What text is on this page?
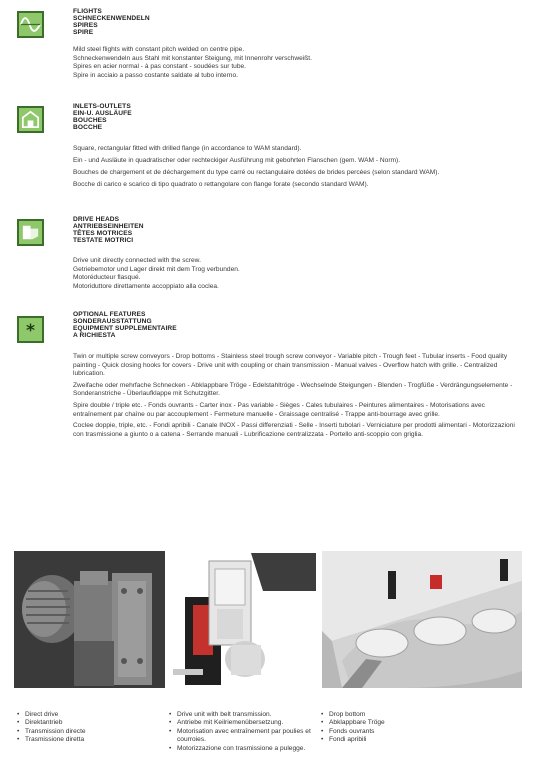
FLIGHTS
SCHNECKENWENDELN
SPIRES
SPIRE
Mild steel flights with constant pitch welded on centre pipe.
Schneckenwendeln aus Stahl mit konstanter Steigung, mit Innenrohr verschweißt.
Spires en acier normal - à pas constant - soudées sur tube.
Spire in acciaio a passo costante saldate al tubo interno.
INLETS-OUTLETS
EIN-U. AUSLÄUFE
BOUCHES
BOCCHE
Square, rectangular fitted with drilled flange (in accordance to WAM standard).
Ein - und Ausläute in quadratischer oder rechteckiger Ausführung mit gebohrten Flanschen (gem. WAM - Norm).
Bouches de chargement et de déchargement du type carré ou rectangulaire dotées de brides percées (selon standard WAM).
Bocche di carico e scarico di tipo quadrato o rettangolare con flange forate (secondo standard WAM).
DRIVE HEADS
ANTRIEBSEINHEITEN
TÊTES MOTRICES
TESTATE MOTRICI
Drive unit directly connected with the screw.
Getriebemotor und Lager direkt mit dem Trog verbunden.
Motoréducteur flasqué.
Motoriduttore direttamente accoppiato alla coclea.
*
OPTIONAL FEATURES
SONDERAUSSTATTUNG
EQUIPMENT SUPPLEMENTAIRE
A RICHIESTA

Twin or multiple screw conveyors - Drop bottoms - Stainless steel trough screw conveyor - Variable pitch - Trough feet - Tubular inserts - Food quality painting - Quick closing hooks for covers - Drive unit with coupling or chain transmission - Manual valves - Overflow hatch with grille. - Centralized lubrication.

Zweifache oder mehrfache Schnecken - Abklappbare Tröge - Edelstahltröge - Wechselnde Steigungen - Blenden - Trogfüße - Verdrängungselemente - Sonderanstriche - Überlaufklappe mit Schutzgitter.

Spire double / triple etc. - Fonds ouvrants - Carter inox - Pas variable - Sièges - Cales tubulaires - Peintures alimentaires - Motorisations avec entraînement par chaîne ou par accouplement - Fermeture manuelle - Graissage centralisé - Trappe anti-bourrage avec grille.

Coclee doppie, triple, etc. - Fondi apribili - Canale INOX - Passi differenziati - Selle - Inserti tubolari - Verniciature per prodotti alimentari - Motorizzazioni con trasmissione a giunto o a catena - Serrande manuali - Lubrificazione centralizzata - Portello anti-scoppio con griglia.

• Direct drive
• Direktantrieb
• Transmission directe
• Trasmissione diretta
• Drive unit with belt transmission.
• Antriebe mit Keilriemenübersetzung.
• Motorisation avec entraînement par poulies et courroies.
• Motorizzazione con trasmissione a pulegge.
• Drop bottom
• Abklappbare Tröge
• Fonds ouvrants
• Fondi apribili
